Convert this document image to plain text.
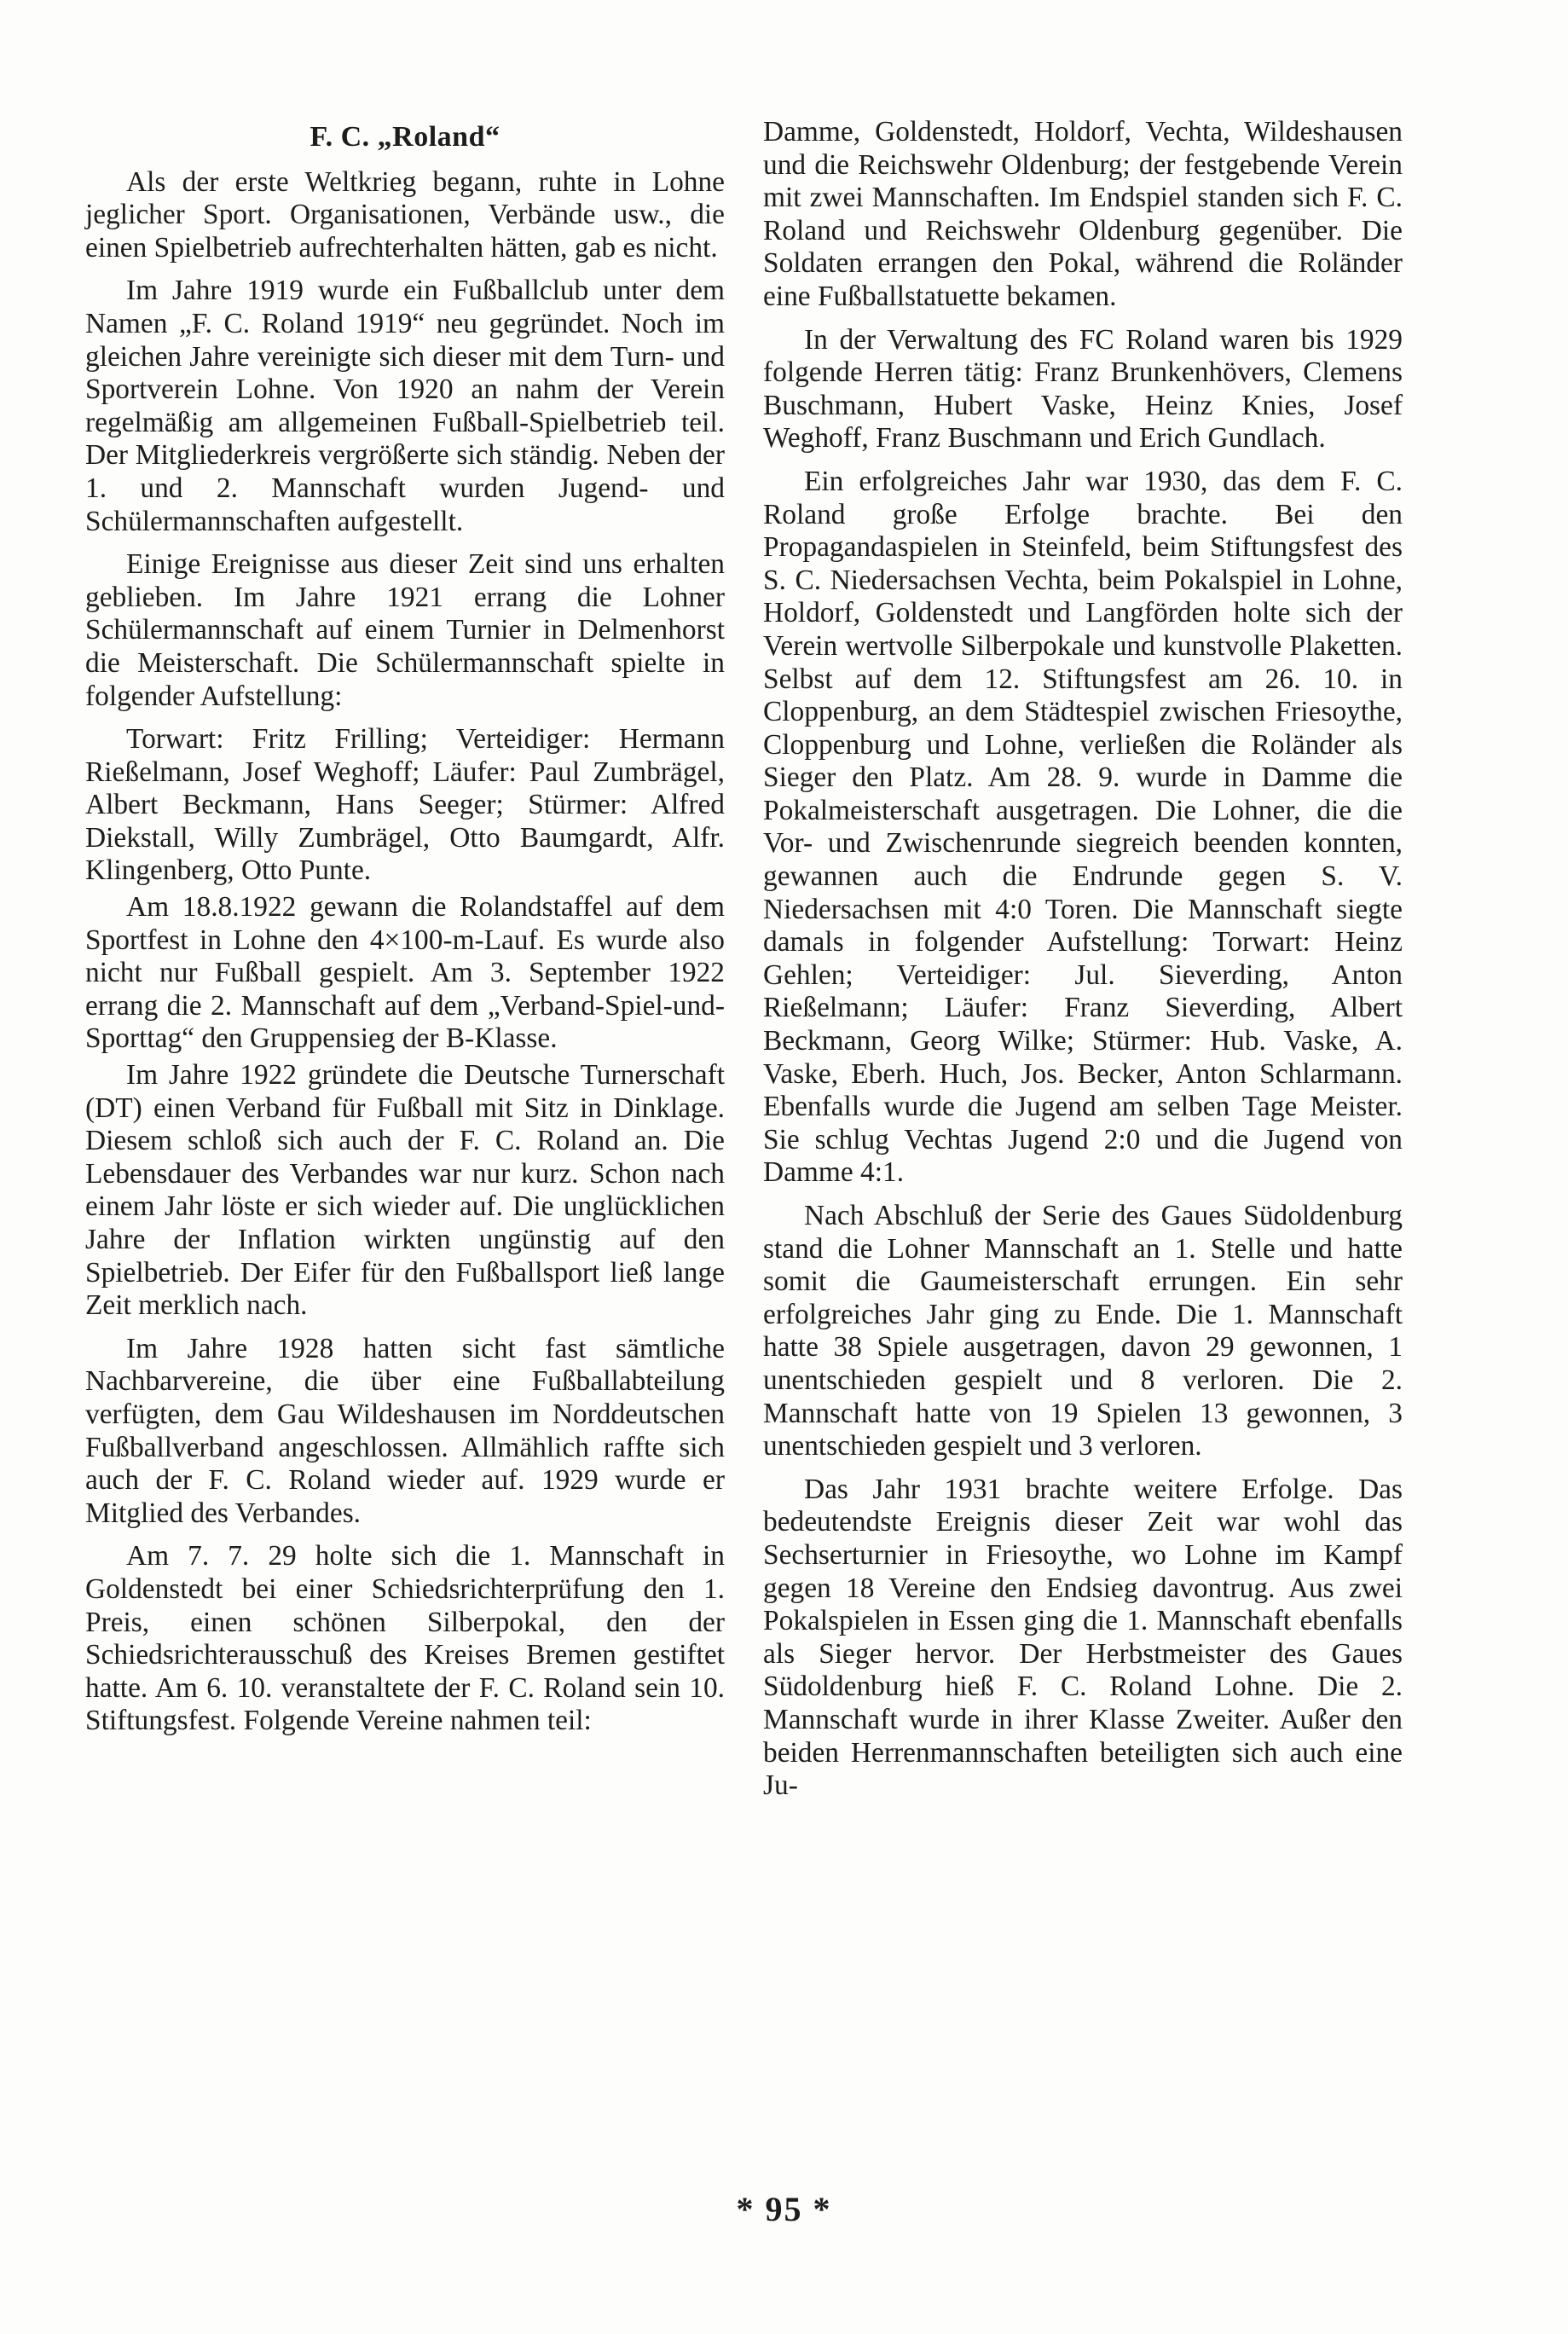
F. C. „Roland“

Als der erste Weltkrieg begann, ruhte in Lohne jeglicher Sport. Organisationen, Verbände usw., die einen Spielbetrieb aufrechterhalten hätten, gab es nicht.

Im Jahre 1919 wurde ein Fußballclub unter dem Namen „F. C. Roland 1919“ neu gegründet. Noch im gleichen Jahre vereinigte sich dieser mit dem Turn- und Sportverein Lohne. Von 1920 an nahm der Verein regelmäßig am allgemeinen Fußball-Spielbetrieb teil. Der Mitgliederkreis vergrößerte sich ständig. Neben der 1. und 2. Mannschaft wurden Jugend- und Schülermannschaften aufgestellt.

Einige Ereignisse aus dieser Zeit sind uns erhalten geblieben. Im Jahre 1921 errang die Lohner Schülermannschaft auf einem Turnier in Delmenhorst die Meisterschaft. Die Schülermannschaft spielte in folgender Aufstellung:

Torwart: Fritz Frilling; Verteidiger: Hermann Rießelmann, Josef Weghoff; Läufer: Paul Zumbrägel, Albert Beckmann, Hans Seeger; Stürmer: Alfred Diekstall, Willy Zumbrägel, Otto Baumgardt, Alfr. Klingenberg, Otto Punte.

Am 18.8.1922 gewann die Rolandstaffel auf dem Sportfest in Lohne den 4×100-m-Lauf. Es wurde also nicht nur Fußball gespielt. Am 3. September 1922 errang die 2. Mannschaft auf dem „Verband-Spiel-und-Sporttag“ den Gruppensieg der B-Klasse.

Im Jahre 1922 gründete die Deutsche Turnerschaft (DT) einen Verband für Fußball mit Sitz in Dinklage. Diesem schloß sich auch der F. C. Roland an. Die Lebensdauer des Verbandes war nur kurz. Schon nach einem Jahr löste er sich wieder auf. Die unglücklichen Jahre der Inflation wirkten ungünstig auf den Spielbetrieb. Der Eifer für den Fußballsport ließ lange Zeit merklich nach.

Im Jahre 1928 hatten sicht fast sämtliche Nachbarvereine, die über eine Fußballabteilung verfügten, dem Gau Wildeshausen im Norddeutschen Fußballverband angeschlossen. Allmählich raffte sich auch der F. C. Roland wieder auf. 1929 wurde er Mitglied des Verbandes.

Am 7. 7. 29 holte sich die 1. Mannschaft in Goldenstedt bei einer Schiedsrichterprüfung den 1. Preis, einen schönen Silberpokal, den der Schiedsrichterausschuß des Kreises Bremen gestiftet hatte. Am 6. 10. veranstaltete der F. C. Roland sein 10. Stiftungsfest. Folgende Vereine nahmen teil:

Damme, Goldenstedt, Holdorf, Vechta, Wildeshausen und die Reichswehr Oldenburg; der festgebende Verein mit zwei Mannschaften. Im Endspiel standen sich F. C. Roland und Reichswehr Oldenburg gegenüber. Die Soldaten errangen den Pokal, während die Roländer eine Fußballstatuette bekamen.

In der Verwaltung des FC Roland waren bis 1929 folgende Herren tätig: Franz Brunkenhövers, Clemens Buschmann, Hubert Vaske, Heinz Knies, Josef Weghoff, Franz Buschmann und Erich Gundlach.

Ein erfolgreiches Jahr war 1930, das dem F. C. Roland große Erfolge brachte. Bei den Propagandaspielen in Steinfeld, beim Stiftungsfest des S. C. Niedersachsen Vechta, beim Pokalspiel in Lohne, Holdorf, Goldenstedt und Langförden holte sich der Verein wertvolle Silberpokale und kunstvolle Plaketten. Selbst auf dem 12. Stiftungsfest am 26. 10. in Cloppenburg, an dem Städtespiel zwischen Friesoythe, Cloppenburg und Lohne, verließen die Roländer als Sieger den Platz. Am 28. 9. wurde in Damme die Pokalmeisterschaft ausgetragen. Die Lohner, die die Vor- und Zwischenrunde siegreich beenden konnten, gewannen auch die Endrunde gegen S. V. Niedersachsen mit 4:0 Toren. Die Mannschaft siegte damals in folgender Aufstellung: Torwart: Heinz Gehlen; Verteidiger: Jul. Sieverding, Anton Rießelmann; Läufer: Franz Sieverding, Albert Beckmann, Georg Wilke; Stürmer: Hub. Vaske, A. Vaske, Eberh. Huch, Jos. Becker, Anton Schlarmann. Ebenfalls wurde die Jugend am selben Tage Meister. Sie schlug Vechtas Jugend 2:0 und die Jugend von Damme 4:1.

Nach Abschluß der Serie des Gaues Südoldenburg stand die Lohner Mannschaft an 1. Stelle und hatte somit die Gaumeisterschaft errungen. Ein sehr erfolgreiches Jahr ging zu Ende. Die 1. Mannschaft hatte 38 Spiele ausgetragen, davon 29 gewonnen, 1 unentschieden gespielt und 8 verloren. Die 2. Mannschaft hatte von 19 Spielen 13 gewonnen, 3 unentschieden gespielt und 3 verloren.

Das Jahr 1931 brachte weitere Erfolge. Das bedeutendste Ereignis dieser Zeit war wohl das Sechserturnier in Friesoythe, wo Lohne im Kampf gegen 18 Vereine den Endsieg davontrug. Aus zwei Pokalspielen in Essen ging die 1. Mannschaft ebenfalls als Sieger hervor. Der Herbstmeister des Gaues Südoldenburg hieß F. C. Roland Lohne. Die 2. Mannschaft wurde in ihrer Klasse Zweiter. Außer den beiden Herrenmannschaften beteiligten sich auch eine Ju-

* 95 *
